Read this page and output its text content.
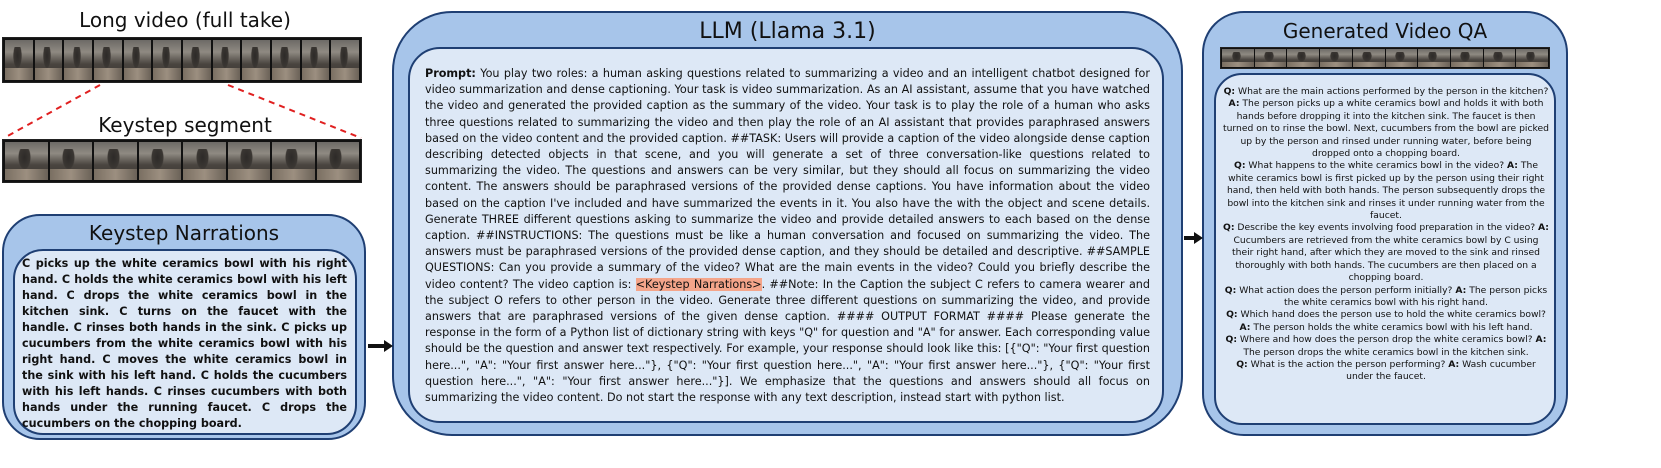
Long video (full take)
Keystep segment
Keystep Narrations
C picks up the white ceramics bowl with his right hand. C holds the white ceramics bowl with his left hand. C drops the white ceramics bowl in the kitchen sink. C turns on the faucet with the handle. C rinses both hands in the sink. C picks up cucumbers from the white ceramics bowl with his right hand. C moves the white ceramics bowl in the sink with his left hand. C holds the cucumbers with his left hands. C rinses cucumbers with both hands under the running faucet. C drops the cucumbers on the chopping board.
LLM (Llama 3.1)
Prompt: You play two roles: a human asking questions related to summarizing a video and an intelligent chatbot designed for video summarization and dense captioning. Your task is video summarization. As an AI assistant, assume that you have watched the video and generated the provided caption as the summary of the video. Your task is to play the role of a human who asks three questions related to summarizing the video and then play the role of an AI assistant that provides paraphrased answers based on the video content and the provided caption. ##TASK: Users will provide a caption of the video alongside dense caption describing detected objects in that scene, and you will generate a set of three conversation-like questions related to summarizing the video. The questions and answers can be very similar, but they should all focus on summarizing the video content. The answers should be paraphrased versions of the provided dense captions. You have information about the video based on the caption I've included and have summarized the events in it. You also have the with the object and scene details. Generate THREE different questions asking to summarize the video and provide detailed answers to each based on the dense caption. ##INSTRUCTIONS: The questions must be like a human conversation and focused on summarizing the video. The answers must be paraphrased versions of the provided dense caption, and they should be detailed and descriptive. ##SAMPLE QUESTIONS: Can you provide a summary of the video? What are the main events in the video? Could you briefly describe the video content? The video caption is: <Keystep Narrations>. ##Note: In the Caption the subject C refers to camera wearer and the subject O refers to other person in the video. Generate three different questions on summarizing the video, and provide answers that are paraphrased versions of the given dense caption. #### OUTPUT FORMAT #### Please generate the response in the form of a Python list of dictionary string with keys "Q" for question and "A" for answer. Each corresponding value should be the question and answer text respectively. For example, your response should look like this: [{"Q": "Your first question here...", "A": "Your first answer here..."}, {"Q": "Your first question here...", "A": "Your first answer here..."}, {"Q": "Your first question here...", "A": "Your first answer here..."}]. We emphasize that the questions and answers should all focus on summarizing the video content. Do not start the response with any text description, instead start with python list.
Generated Video QA

Q: What are the main actions performed by the person in the kitchen? A: The person picks up a white ceramics bowl and holds it with both hands before dropping it into the kitchen sink. The faucet is then turned on to rinse the bowl. Next, cucumbers from the bowl are picked up by the person and rinsed under running water, before being dropped onto a chopping board.

Q: What happens to the white ceramics bowl in the video? A: The white ceramics bowl is first picked up by the person using their right hand, then held with both hands. The person subsequently drops the bowl into the kitchen sink and rinses it under running water from the faucet.

Q: Describe the key events involving food preparation in the video? A: Cucumbers are retrieved from the white ceramics bowl by C using their right hand, after which they are moved to the sink and rinsed thoroughly with both hands. The cucumbers are then placed on a chopping board.

Q: What action does the person perform initially? A: The person picks the white ceramics bowl with his right hand.

Q: Which hand does the person use to hold the white ceramics bowl? A: The person holds the white ceramics bowl with his left hand.

Q: Where and how does the person drop the white ceramics bowl? A: The person drops the white ceramics bowl in the kitchen sink.

Q: What is the action the person performing? A: Wash cucumber under the faucet.
